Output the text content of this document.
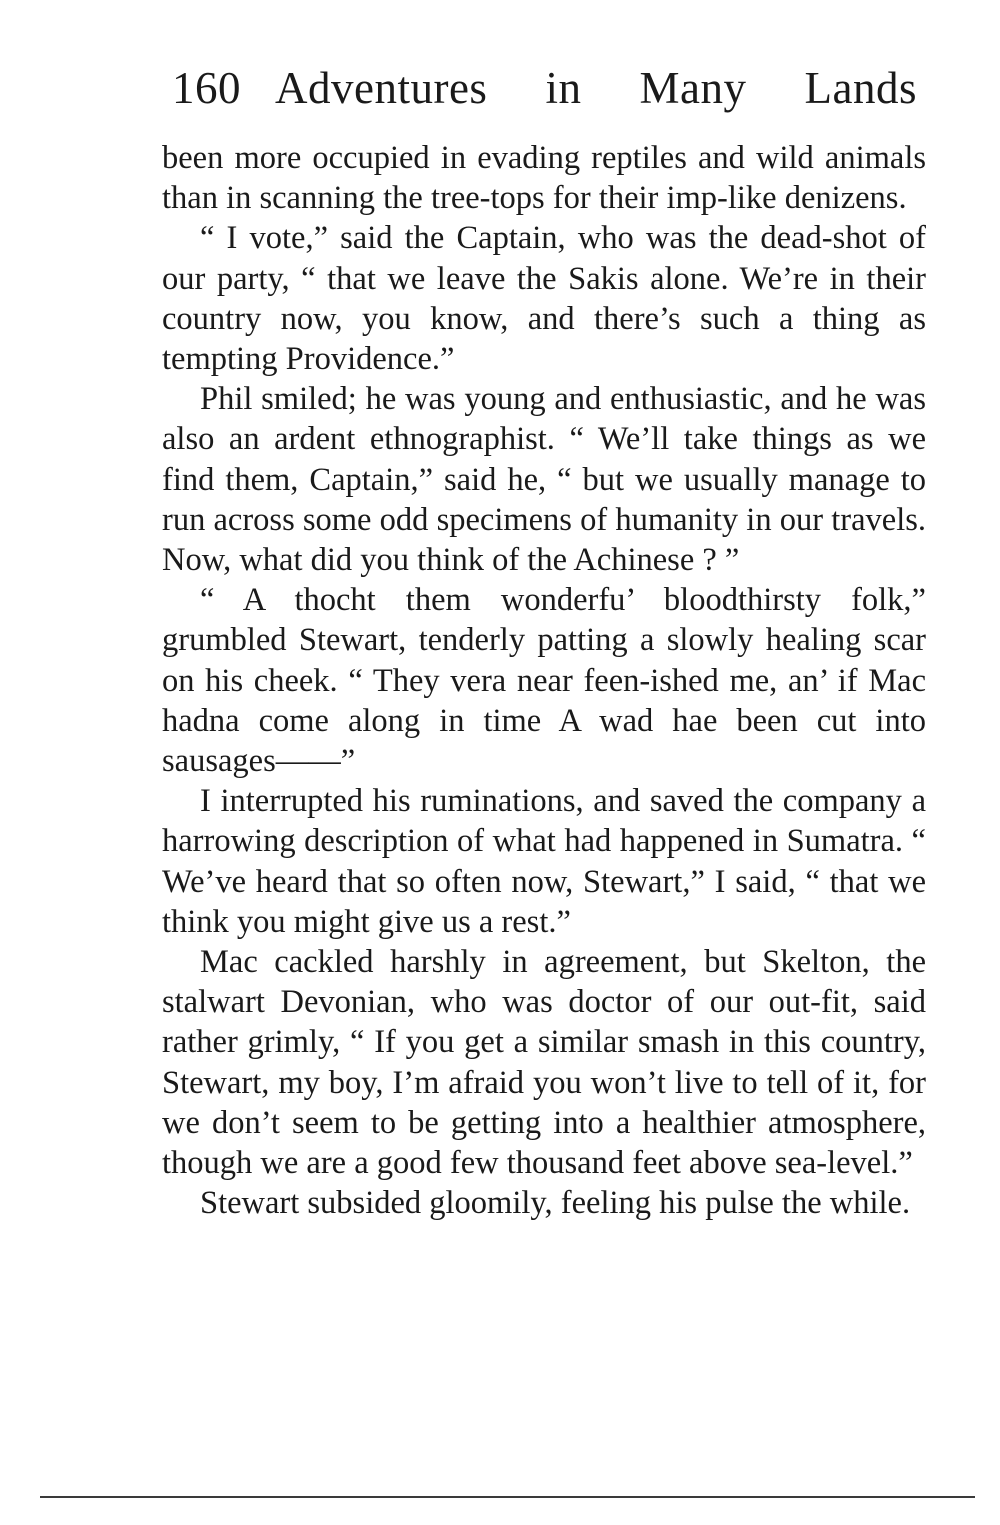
160 Adventures in Many Lands

been more occupied in evading reptiles and wild animals than in scanning the tree-tops for their imp-like denizens.

“ I vote,” said the Captain, who was the dead-shot of our party, “ that we leave the Sakis alone. We’re in their country now, you know, and there’s such a thing as tempting Providence.”

Phil smiled; he was young and enthusiastic, and he was also an ardent ethnographist. “ We’ll take things as we find them, Captain,” said he, “ but we usually manage to run across some odd specimens of humanity in our travels. Now, what did you think of the Achinese ? ”

“ A thocht them wonderfu’ bloodthirsty folk,” grumbled Stewart, tenderly patting a slowly healing scar on his cheek. “ They vera near feen-ished me, an’ if Mac hadna come along in time A wad hae been cut into sausages——”

I interrupted his ruminations, and saved the company a harrowing description of what had happened in Sumatra. “ We’ve heard that so often now, Stewart,” I said, “ that we think you might give us a rest.”

Mac cackled harshly in agreement, but Skelton, the stalwart Devonian, who was doctor of our out-fit, said rather grimly, “ If you get a similar smash in this country, Stewart, my boy, I’m afraid you won’t live to tell of it, for we don’t seem to be getting into a healthier atmosphere, though we are a good few thousand feet above sea-level.”

Stewart subsided gloomily, feeling his pulse the while.
